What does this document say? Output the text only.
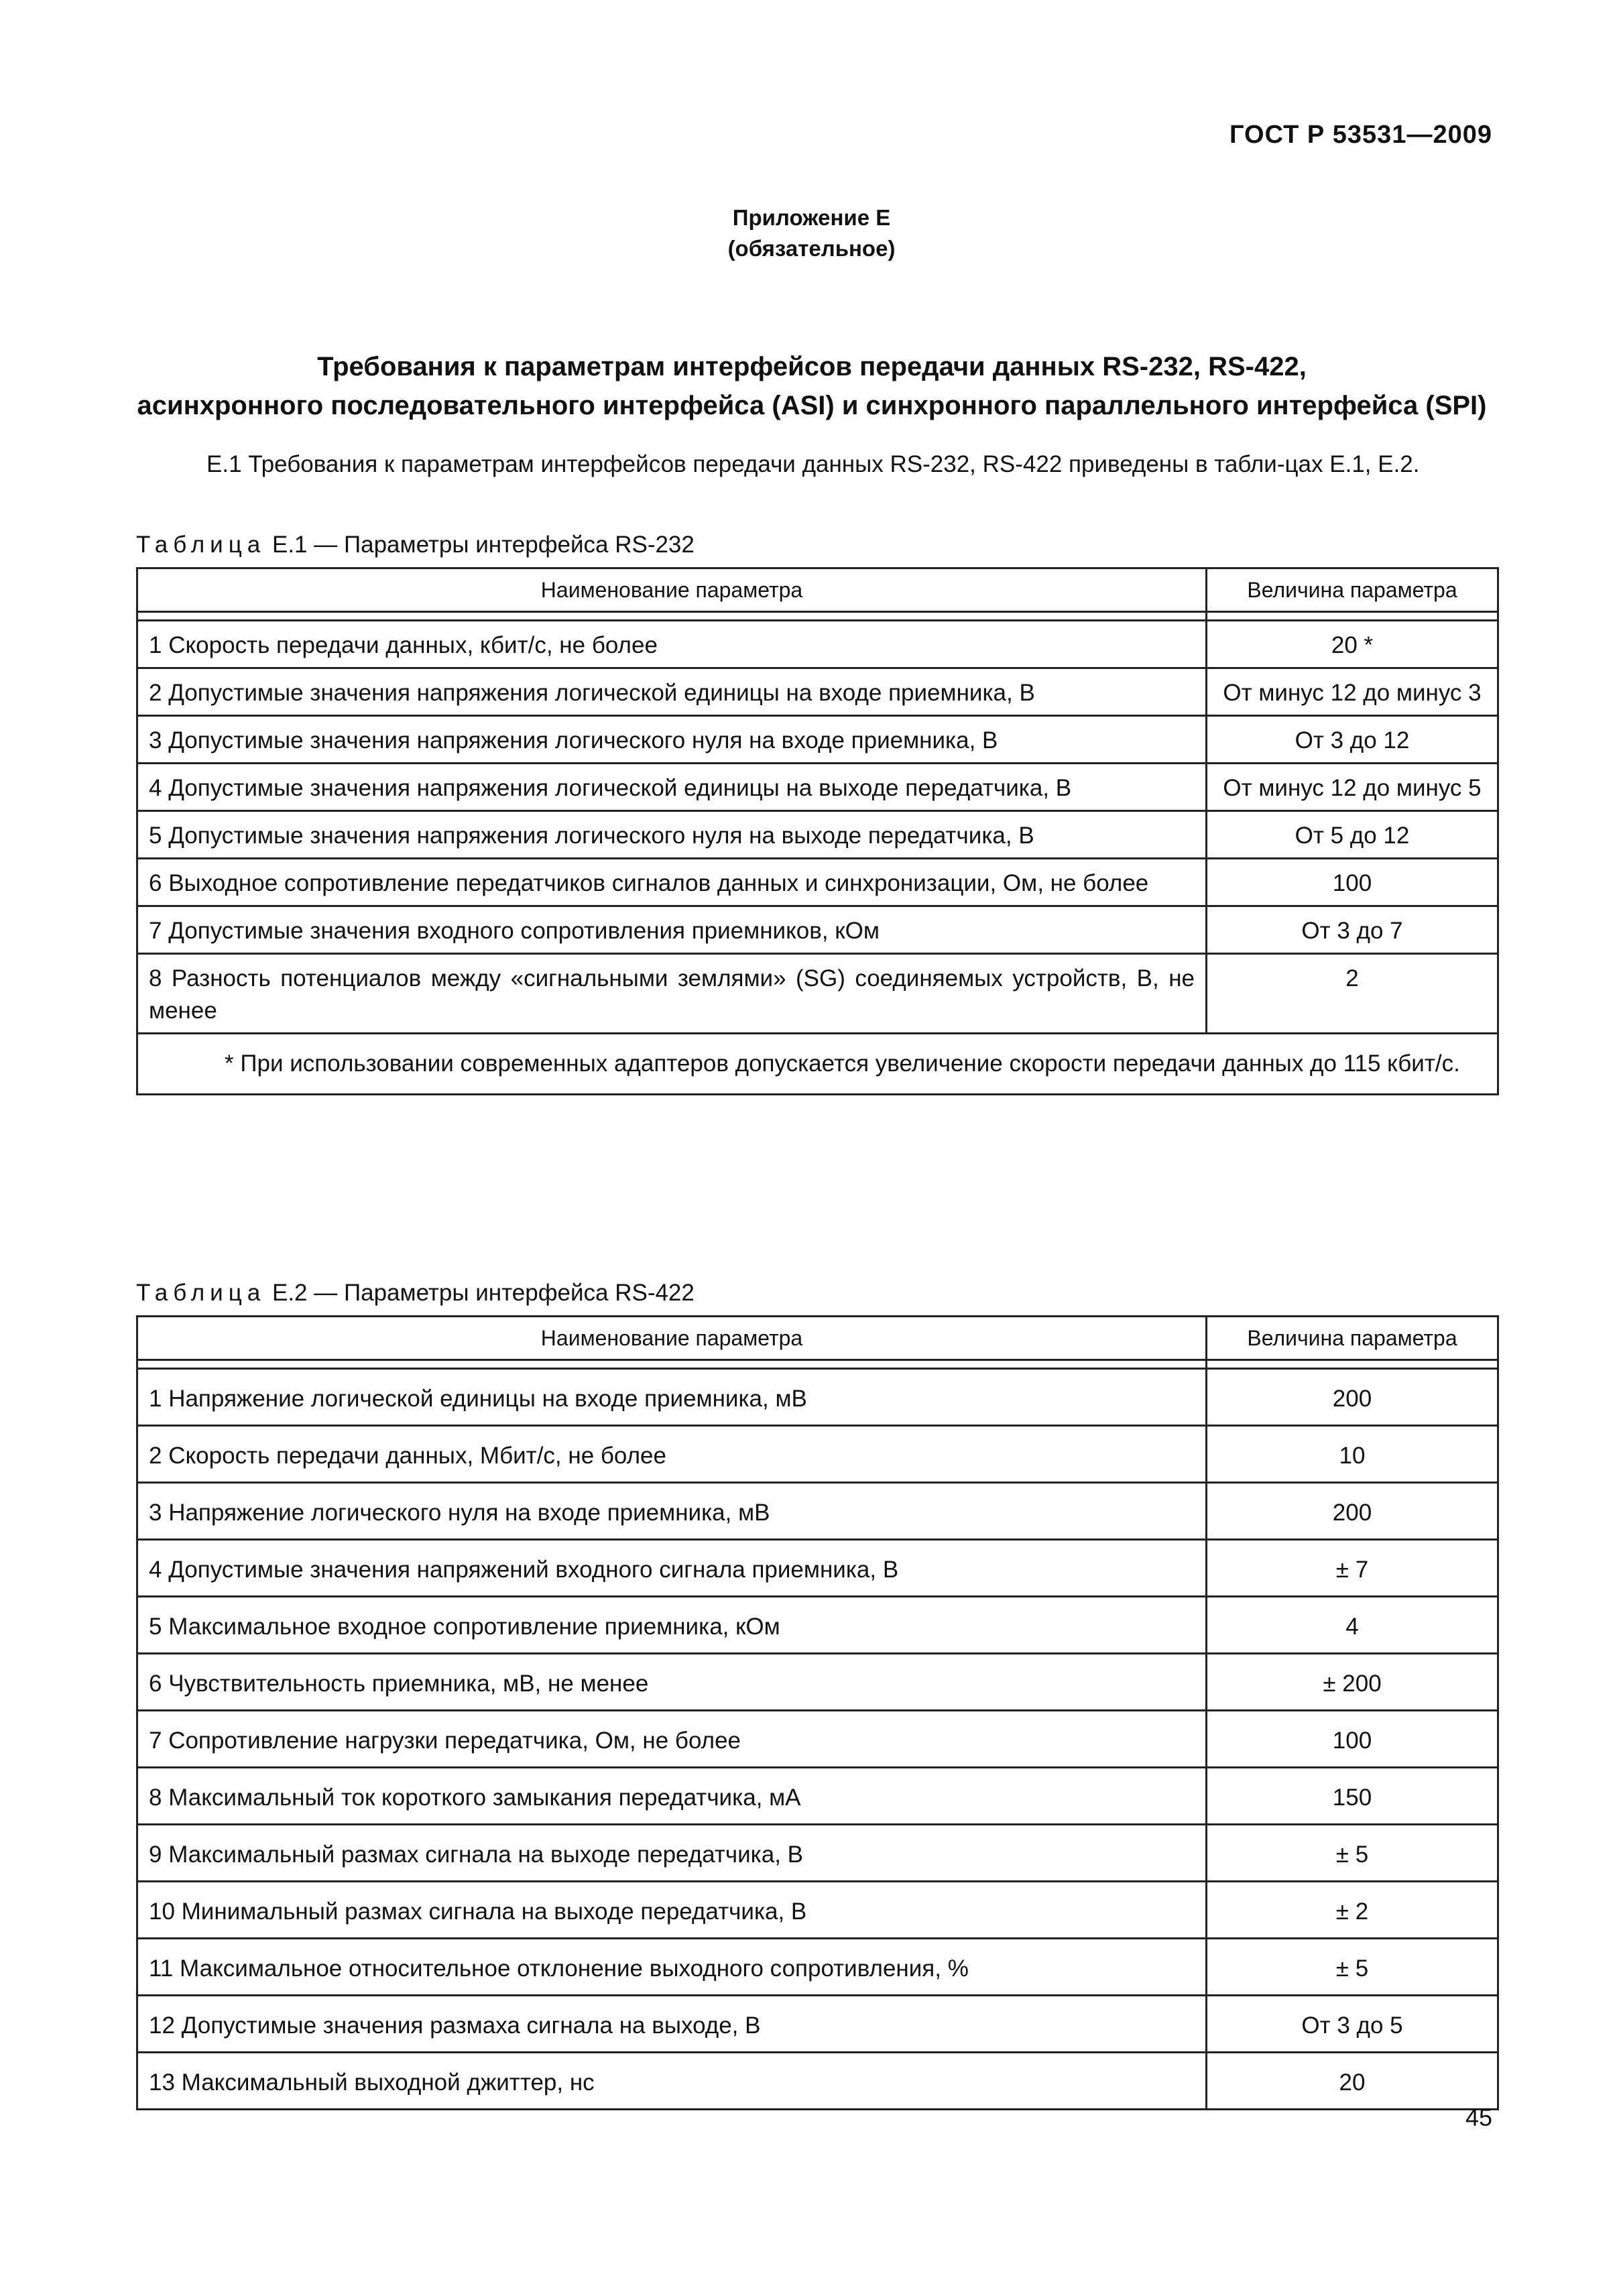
ГОСТ Р 53531—2009
Приложение Е
(обязательное)
Требования к параметрам интерфейсов передачи данных RS-232, RS-422,
асинхронного последовательного интерфейса (ASI) и синхронного параллельного интерфейса (SPI)
Е.1 Требования к параметрам интерфейсов передачи данных RS-232, RS-422 приведены в табли-цах Е.1, Е.2.
Таблица Е.1 — Параметры интерфейса RS-232
Наименование параметра	Величина параметра

1 Скорость передачи данных, кбит/с, не более	20 *
2 Допустимые значения напряжения логической единицы на входе приемника, В	От минус 12 до минус 3
3 Допустимые значения напряжения логического нуля на входе приемника, В	От 3 до 12
4 Допустимые значения напряжения логической единицы на выходе передатчика, В	От минус 12 до минус 5
5 Допустимые значения напряжения логического нуля на выходе передатчика, В	От 5 до 12
6 Выходное сопротивление передатчиков сигналов данных и синхронизации, Ом, не более	100
7 Допустимые значения входного сопротивления приемников, кОм	От 3 до 7
8 Разность потенциалов между «сигнальными землями» (SG) соединяемых устройств, В, не менее	2

* При использовании современных адаптеров допускается увеличение скорости передачи данных до 115 кбит/с.	
Таблица Е.2 — Параметры интерфейса RS-422
Наименование параметра	Величина параметра

1 Напряжение логической единицы на входе приемника, мВ	200
2 Скорость передачи данных, Мбит/с, не более	10
3 Напряжение логического нуля на входе приемника, мВ	200
4 Допустимые значения напряжений входного сигнала приемника, В	± 7
5 Максимальное входное сопротивление приемника, кОм	4
6 Чувствительность приемника, мВ, не менее	± 200
7 Сопротивление нагрузки передатчика, Ом, не более	100
8 Максимальный ток короткого замыкания передатчика, мА	150
9 Максимальный размах сигнала на выходе передатчика, В	± 5
10 Минимальный размах сигнала на выходе передатчика, В	± 2
11 Максимальное относительное отклонение выходного сопротивления, %	± 5
12 Допустимые значения размаха сигнала на выходе, В	От 3 до 5
13 Максимальный выходной джиттер, нс	20
45
